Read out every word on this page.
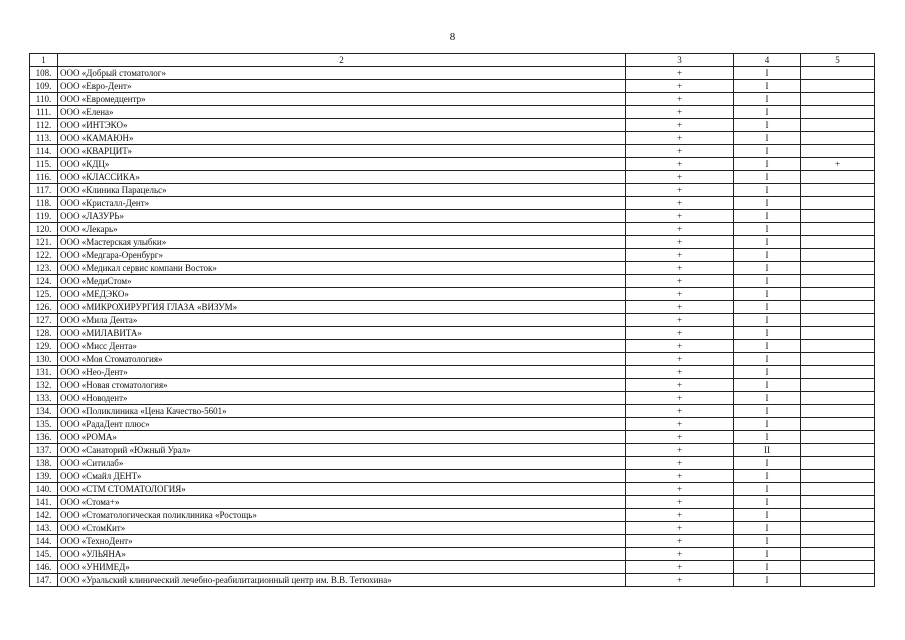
8
1	2	3	4	5
108.	ООО «Добрый стоматолог»	+	I	
109.	ООО «Евро-Дент»	+	I	
110.	ООО «Евромедцентр»	+	I	
111.	ООО «Елена»	+	I	
112.	ООО «ИНТЭКО»	+	I	
113.	ООО «КАМАЮН»	+	I	
114.	ООО «КВАРЦИТ»	+	I	
115.	ООО «КДЦ»	+	I	+
116.	ООО «КЛАССИКА»	+	I	
117.	ООО «Клиника Парацельс»	+	I	
118.	ООО «Кристалл-Дент»	+	I	
119.	ООО «ЛАЗУРЬ»	+	I	
120.	ООО «Лекарь»	+	I	
121.	ООО «Мастерская улыбки»	+	I	
122.	ООО «Медгара-Оренбург»	+	I	
123.	ООО «Медикал сервис компани Восток»	+	I	
124.	ООО «МедиСтом»	+	I	
125.	ООО «МЕДЭКО»	+	I	
126.	ООО «МИКРОХИРУРГИЯ ГЛАЗА «ВИЗУМ»	+	I	
127.	ООО «Мила Дента»	+	I	
128.	ООО «МИЛАВИТА»	+	I	
129.	ООО «Мисс Дента»	+	I	
130.	ООО «Моя Стоматология»	+	I	
131.	ООО «Нео-Дент»	+	I	
132.	ООО «Новая стоматология»	+	I	
133.	ООО «Новодент»	+	I	
134.	ООО «Поликлиника «Цена Качество-5601»	+	I	
135.	ООО «РадаДент плюс»	+	I	
136.	ООО «РОМА»	+	I	
137.	ООО «Санаторий «Южный Урал»	+	II	
138.	ООО «Ситилаб»	+	I	
139.	ООО «Смайл ДЕНТ»	+	I	
140.	ООО «СТМ СТОМАТОЛОГИЯ»	+	I	
141.	ООО «Стома+»	+	I	
142.	ООО «Стоматологическая поликлиника «Ростощь»	+	I	
143.	ООО «СтомКит»	+	I	
144.	ООО «ТехноДент»	+	I	
145.	ООО «УЛЬЯНА»	+	I	
146.	ООО «УНИМЕД»	+	I	
147.	ООО «Уральский клинический лечебно-реабилитационный центр им. В.В. Тетюхина»	+	I	
